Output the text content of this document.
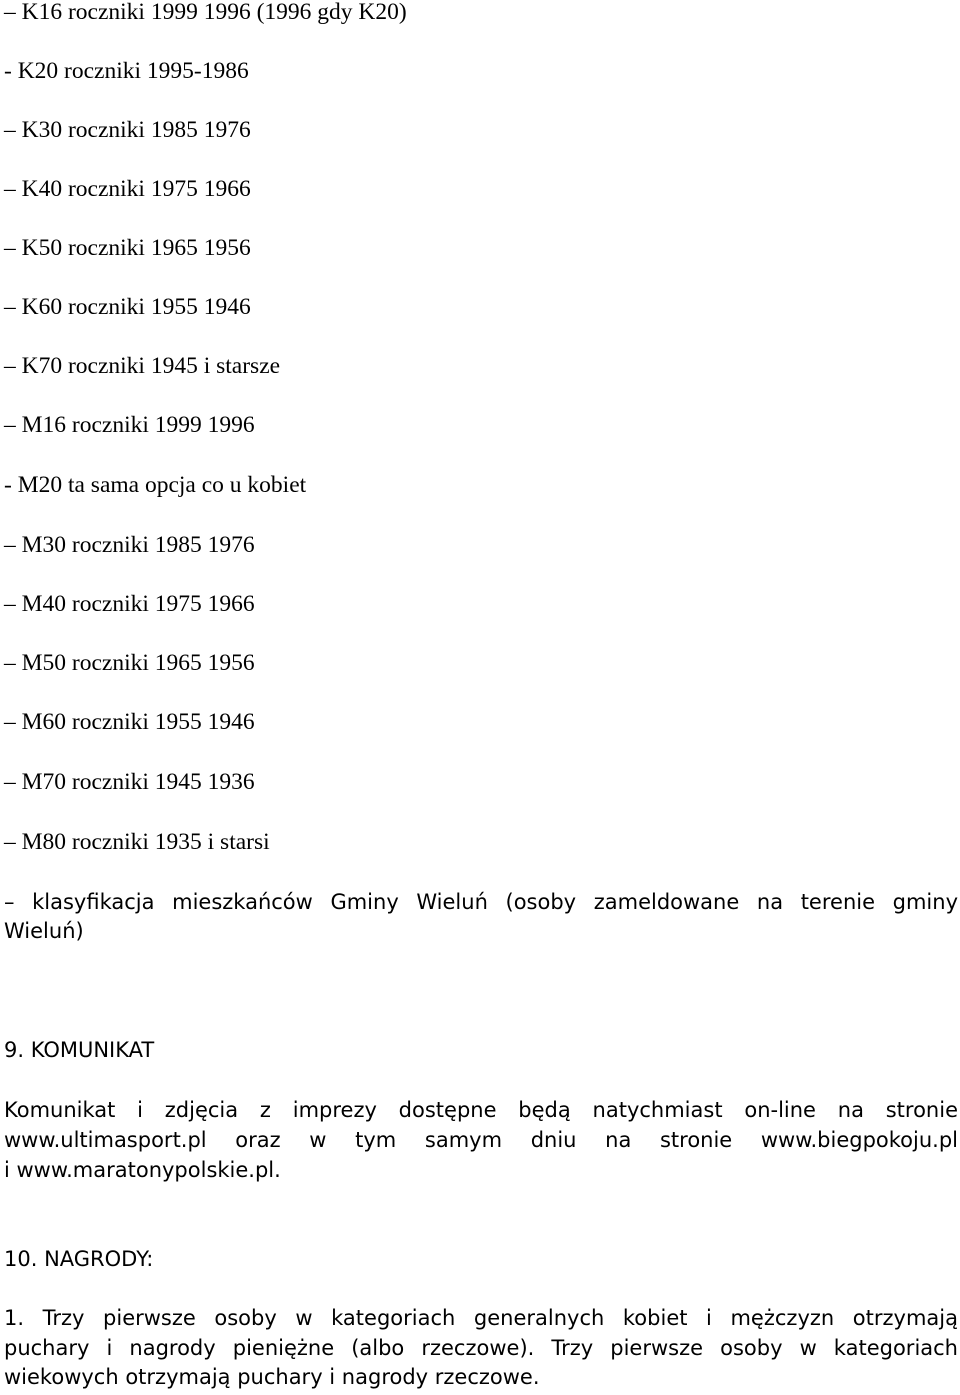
– K16 roczniki 1999 1996 (1996 gdy K20)
- K20 roczniki 1995-1986
– K30 roczniki 1985 1976
– K40 roczniki 1975 1966
– K50 roczniki 1965 1956
– K60 roczniki 1955 1946
– K70 roczniki 1945 i starsze
– M16 roczniki 1999 1996
- M20 ta sama opcja co u kobiet
– M30 roczniki 1985 1976
– M40 roczniki 1975 1966
– M50 roczniki 1965 1956
– M60 roczniki 1955 1946
– M70 roczniki 1945 1936
– M80 roczniki 1935 i starsi
– klasyfikacja mieszkańców Gminy Wieluń (osoby zameldowane na terenie gminy
Wieluń)
9. KOMUNIKAT
Komunikat i zdjęcia z imprezy dostępne będą natychmiast on-line na stronie
www.ultimasport.pl oraz w tym samym dniu na stronie www.biegpokoju.pl
i www.maratonypolskie.pl.
10. NAGRODY:
1. Trzy pierwsze osoby w kategoriach generalnych kobiet i mężczyzn otrzymają
puchary i nagrody pieniężne (albo rzeczowe). Trzy pierwsze osoby w kategoriach
wiekowych otrzymają puchary i nagrody rzeczowe.
